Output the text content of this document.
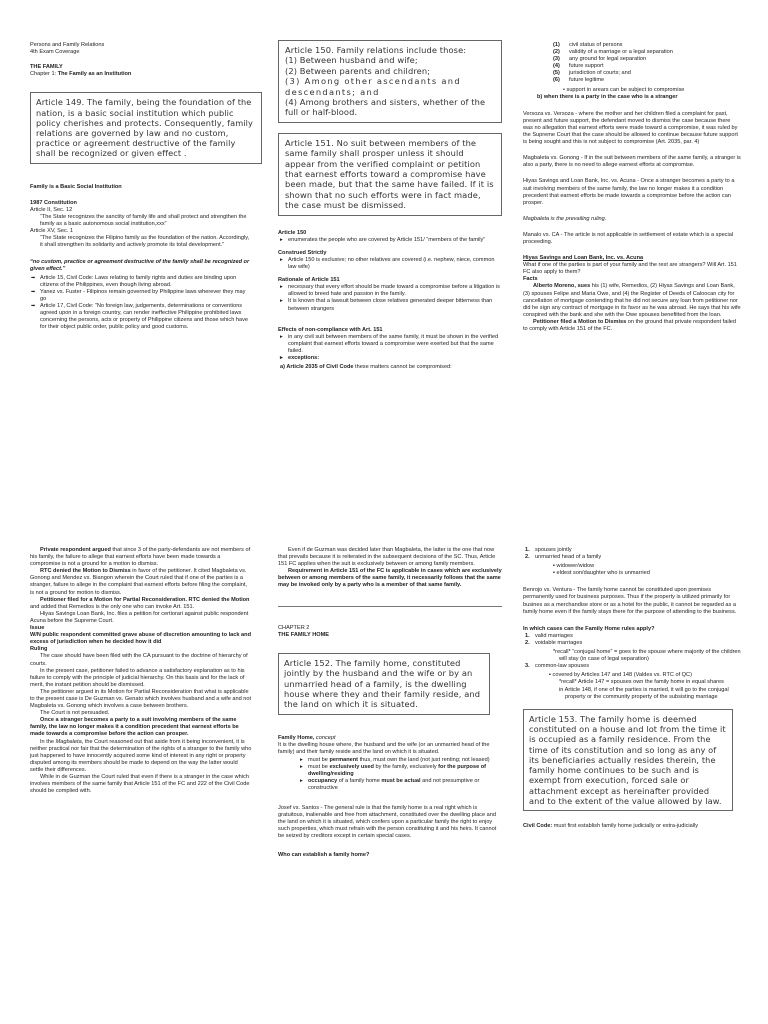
Persons and Family Relations
4th Exam Coverage
THE FAMILY
Chapter 1: The Family as an Institution
Article 149. The family, being the foundation of the nation, is a basic social institution which public policy cherishes and protects. Consequently, family relations are governed by law and no custom, practice or agreement destructive of the family shall be recognized or given effect .

Family is a Basic Social Institution

1987 Constitution
Article II, Sec. 12

“The State recognizes the sanctity of family life and shall protect and strengthen the family as a basic autonomous social institution,xxx”

Article XV, Sec. 1

“The State recognizes the Filipino family as the foundation of the nation. Accordingly, it shall strengthen its solidarity and actively promote its total development.”

“no custom, practice or agreement destructive of the family shall be recognized or given effect.”

➡ Article 15, Civil Code: Laws relating to family rights and duties are binding upon citizens of the Philippines, even though living abroad.
➡ Yanez vs. Fuster - Filipinos remain governed by Philippine laws wherever they may go
➡ Article 17, Civil Code: “No foreign law, judgements, determinations or conventions agreed upon in a foreign country, can render ineffective Philippine prohibited laws concerning the persons, acts or property of Philippine citizens and those which have for their object public order, public policy and good customs.
Article 150. Family relations include those:
(1) Between husband and wife;
(2) Between parents and children;
(3) Among other ascendants and descendants; and
(4) Among brothers and sisters, whether of the full or half-blood.
Article 151. No suit between members of the same family shall prosper unless it should appear from the verified complaint or petition that earnest efforts toward a compromise have been made, but that the same have failed. If it is shown that no such efforts were in fact made, the case must be dismissed.
Article 150
▸ enumerates the people who are covered by Article 151/ “members of the family”
Construed Strictly
▸ Article 150 is exclusive; no other relatives are covered (i.e. nephew, niece, common law wife)
Rationale of Article 151
▸ necessary that every effort should be made toward a compromise before a litigation is allowed to breed hate and passion in the family.
▸ It is known that a lawsuit between close relatives generated deeper bitterness than between strangers
Effects of non-compliance with Art. 151
▸ in any civil suit between members of the same family, it must be shown in the verified complaint that earnest efforts toward a compromise were exerted but that the same failed.
▸ exceptions:
a) Article 2035 of Civil Code these matters cannot be compromised:
(1) civil status of persons
(2) validity of a marriage or a legal separation
(3) any ground for legal separation
(4) future support
(5) jurisdiction of courts; and
(6) future legitime
• support in arears can be subject to compromise
b) when there is a party in the case who is a stranger

Versoza vs. Versoza - where the mother and her children filed a complaint for past, present and future support, the defendant moved to dismiss the case because there was no allegation that earnest efforts were made toward a compromise, it was ruled by the Supreme Court that the case should be allowed to continue because future support is being sought and this is not subject to compromise (Art. 2035, par. 4)

Magbaleta vs. Gonong - If in the suit between members of the same family, a stranger is also a party, there is no need to allege earnest efforts at compromise.

Hiyas Savings and Loan Bank, Inc. vs. Acuna - Once a stranger becomes a party to a suit involving members of the same family, the law no longer makes it a condition precedent that earnest efforts be made towards a compromise before the action can prosper.

Magbaleta is the prevailing ruling.

Manalo vs. CA - The article is not applicable in settlement of estate which is a special proceeding.

Hiyas Savings and Loan Bank, Inc. vs. Acuna

What if one of the parties is part of your family and the rest are strangers? Will Art. 151 FC also apply to them?

Facts

Alberto Moreno, sues his (1) wife, Remedios, (2) Hiyas Savings and Loan Bank, (3) spouses Felipe and Maria Owe, and (4) the Register of Deeds of Caloocan city for cancellation of mortgage contending that he did not secure any loan from petitioner nor did he sign any contract of mortgage in its favor as he was abroad. He says that his wife conspired with the bank and she with the Owe spouses benefitted from the loan.

Petitioner filed a Motion to Dismiss on the ground that private respondent failed to comply with Article 151 of the FC.

Private respondent argued that since 3 of the party-defendants are not members of his family, the failure to allege that earnest efforts have been made towards a compromise is not a ground for a motion to dismiss.

RTC denied the Motion to Dismiss in favor of the petitioner. It cited Magbaleta vs. Gonong and Mendez vs. Biangon wherein the Court ruled that if one of the parties is a stranger, failure to allege in the complaint that earnest efforts before filing the complaint, is not a ground for motion to dismiss.

Petitioner filed for a Motion for Partial Reconsideration. RTC denied the Motion and added that Remedios is the only one who can invoke Art. 151.

Hiyas Savings Loan Bank, Inc. files a petition for certiorari against public respondent Acuna before the Supreme Court.

Issue
W/N public respondent committed grave abuse of discretion amounting to lack and excess of jurisdiction when he decided how it did
Ruling

The case should have been filed with the CA pursuant to the doctrine of hierarchy of courts.

In the present case, petitioner failed to advance a satisfactory explanation as to his failure to comply with the principle of judicial hierarchy. On this basis and for the lack of merit, the instant petition should be dismissed.

The petitioner argued in its Motion for Partial Reconsideration that what is applicable to the present case is De Guzman vs. Genato which involves husband and a wife and not Magbaleta vs. Gonong which involves a case between brothers.

The Court is not persuaded.

Once a stranger becomes a party to a suit involving members of the same family, the law no longer makes it a condition precedent that earnest efforts be made towards a compromise before the action can prosper.

In the Magbaleta, the Court reasoned out that aside from it being inconvenient, it is neither practical nor fair that the determination of the rights of a stranger to the family who just happened to have innocently acquired some kind of interest in any right or property disputed among its members should be made to depend on the way the latter would settle their differences.

While in de Guzman the Court ruled that even if there is a stranger in the case which involves members of the same family that Article 151 of the FC and 222 of the Civil Code should be complied with.

Even if de Guzman was decided later than Magbaleta, the latter is the one that now that prevails because it is reiterated in the subsequent decisions of the SC. Thus, Article 151 FC applies when the suit is exclusively between or among family members.

Requirement in Article 151 of the FC is applicable in cases which are exclusively between or among members of the same family, it necessarily follows that the same may be invoked only by a party who is a member of that same family.

CHAPTER 2
THE FAMILY HOME
Article 152. The family home, constituted jointly by the husband and the wife or by an unmarried head of a family, is the dwelling house where they and their family reside, and the land on which it is situated.
Family Home, concept

It is the dwelling house where, the husband and the wife (or an unmarried head of the family) and their family reside and the land on which it is situated.

▸ must be permanent thus, must own the land (not just renting; not leased)
▸ must be exclusively used by the family, exclusively for the purpose of dwelling/residing
▸ occupancy of a family home must be actual and not presumptive or constructive

Josef vs. Santos - The general rule is that the family home is a real right which is gratuitous, inalienable and free from attachment, constituted over the dwelling place and the land on which it is situated, which confers upon a particular family the right to enjoy such properties, which must refrain with the person constituting it and his heirs. It cannot be seized by creditors except in certain special cases.

Who can establish a family home?
1. spouses jointly
2. unmarried head of a family
▪ widower/widow
▪ eldest son/daughter who is unmarried

Benrojo vs. Ventura - The family home cannot be constituted upon premises permanently used for business purposes. Thus if the property is utilized primarily for busines as a merchandise store or as a hotel for the public, it cannot be regarded as a family home even if the family stays there for the purpose of attending to the business.

In which cases can the Family Home rules apply?
1. valid marriages
2. voidable marriages
*recall* “conjugal home” = goes to the spouse where majority of the children will stay (in case of legal separation)
3. common-law spouses
▪ covered by Articles 147 and 148 (Valdes vs. RTC of QC)
*recall* Article 147 = spouses own the family home in equal shares
in Article 148, if one of the parties is married, it will go to the conjugal property or the community property of the subsisting marriage
Article 153. The family home is deemed constituted on a house and lot from the time it is occupied as a family residence. From the time of its constitution and so long as any of its beneficiaries actually resides therein, the family home continues to be such and is exempt from execution, forced sale or attachment except as hereinafter provided and to the extent of the value allowed by law.

Civil Code: must first establish family home judicially or extra-judicially
